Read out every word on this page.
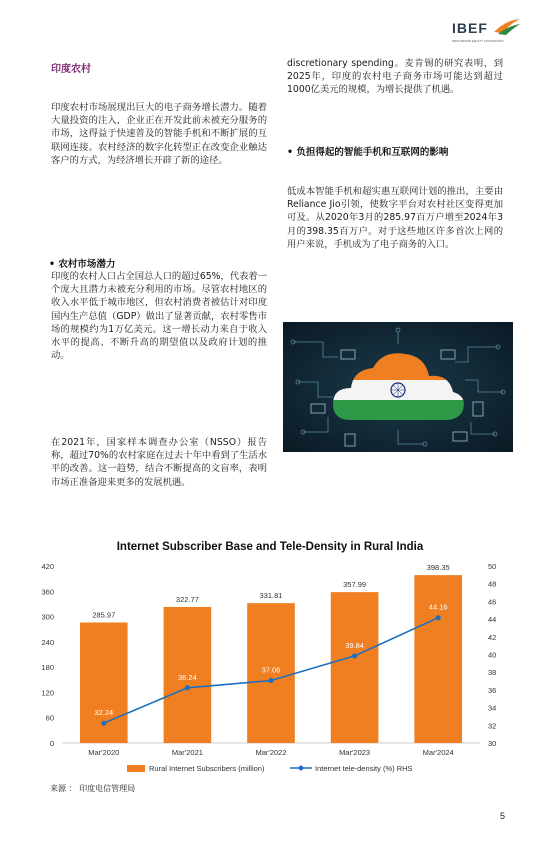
IBEF
INDIA BRAND EQUITY FOUNDATION
印度农村

印度农村市场展现出巨大的电子商务增长潜力。随着大量投资的注入，企业正在开发此前未被充分服务的市场，这得益于快速普及的智能手机和不断扩展的互联网连接。农村经济的数字化转型正在改变企业触达客户的方式，为经济增长开辟了新的途径。

• 农村市场潜力

印度的农村人口占全国总人口的超过65%，代表着一个庞大且潜力未被充分利用的市场。尽管农村地区的收入水平低于城市地区，但农村消费者被估计对印度国内生产总值（GDP）做出了显著贡献，农村零售市场的规模约为1万亿美元。这一增长动力来自于收入水平的提高、不断升高的期望值以及政府计划的推动。

在2021年，国家样本调查办公室（NSSO）报告称，超过70%的农村家庭在过去十年中看到了生活水平的改善。这一趋势，结合不断提高的文盲率，表明市场正准备迎来更多的发展机遇。

discretionary spending。麦肯锡的研究表明，到2025年，印度的农村电子商务市场可能达到超过1000亿美元的规模，为增长提供了机遇。

• 负担得起的智能手机和互联网的影响

低成本智能手机和超实惠互联网计划的推出，主要由Reliance Jio引领，使数字平台对农村社区变得更加可及。从2020年3月的285.97百万户增至2024年3月的398.35百万户。对于这些地区许多首次上网的用户来说，手机成为了电子商务的入口。

Internet Subscriber Base and Tele-Density in Rural India
0
60
120
180
240
300
360
420
30
32
34
36
38
40
42
44
46
48
50
285.97
322.77	331.81
357.99
398.35
32.24
36.24
37.06
39.84
44.16
Mar'2020	Mar'2021	Mar'2022	Mar'2023	Mar'2024
Rural Internet Subscribers (million)	Internet tele-density (%) RHS
来源 ： 印度电信管理局
5
